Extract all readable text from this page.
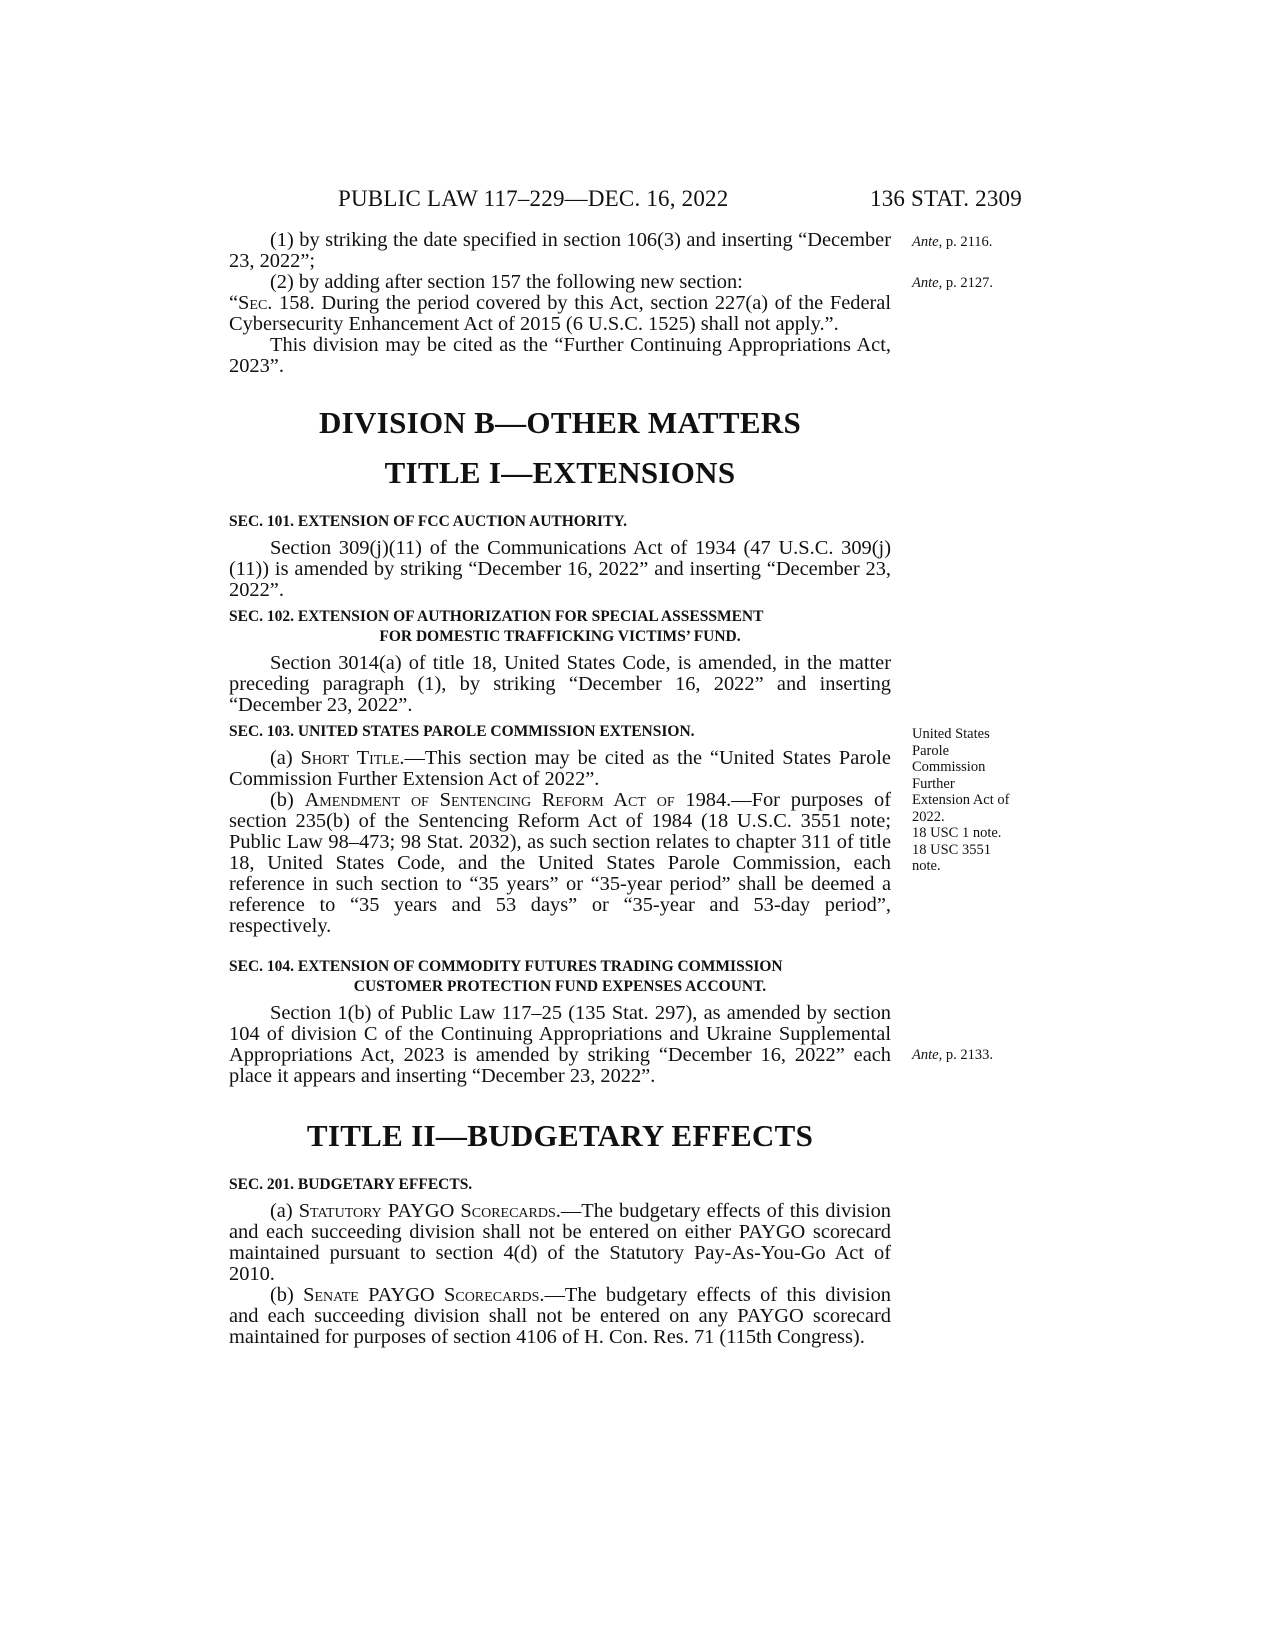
PUBLIC LAW 117–229—DEC. 16, 2022	136 STAT. 2309

(1) by striking the date specified in section 106(3) and inserting “December 23, 2022”;

(2) by adding after section 157 the following new section:

“Sec. 158. During the period covered by this Act, section 227(a) of the Federal Cybersecurity Enhancement Act of 2015 (6 U.S.C. 1525) shall not apply.”.

This division may be cited as the “Further Continuing Appropriations Act, 2023”.

DIVISION B—OTHER MATTERS
TITLE I—EXTENSIONS

SEC. 101. EXTENSION OF FCC AUCTION AUTHORITY.

Section 309(j)(11) of the Communications Act of 1934 (47 U.S.C. 309(j)(11)) is amended by striking “December 16, 2022” and inserting “December 23, 2022”.

SEC. 102. EXTENSION OF AUTHORIZATION FOR SPECIAL ASSESSMENT
FOR DOMESTIC TRAFFICKING VICTIMS’ FUND.

Section 3014(a) of title 18, United States Code, is amended, in the matter preceding paragraph (1), by striking “December 16, 2022” and inserting “December 23, 2022”.

SEC. 103. UNITED STATES PAROLE COMMISSION EXTENSION.

(a) Short Title.—This section may be cited as the “United States Parole Commission Further Extension Act of 2022”.

(b) Amendment of Sentencing Reform Act of 1984.—For purposes of section 235(b) of the Sentencing Reform Act of 1984 (18 U.S.C. 3551 note; Public Law 98–473; 98 Stat. 2032), as such section relates to chapter 311 of title 18, United States Code, and the United States Parole Commission, each reference in such section to “35 years” or “35-year period” shall be deemed a reference to “35 years and 53 days” or “35-year and 53-day period”, respectively.

SEC. 104. EXTENSION OF COMMODITY FUTURES TRADING COMMISSION
CUSTOMER PROTECTION FUND EXPENSES ACCOUNT.

Section 1(b) of Public Law 117–25 (135 Stat. 297), as amended by section 104 of division C of the Continuing Appropriations and Ukraine Supplemental Appropriations Act, 2023 is amended by striking “December 16, 2022” each place it appears and inserting “December 23, 2022”.

TITLE II—BUDGETARY EFFECTS

SEC. 201. BUDGETARY EFFECTS.

(a) Statutory PAYGO Scorecards.—The budgetary effects of this division and each succeeding division shall not be entered on either PAYGO scorecard maintained pursuant to section 4(d) of the Statutory Pay-As-You-Go Act of 2010.

(b) Senate PAYGO Scorecards.—The budgetary effects of this division and each succeeding division shall not be entered on any PAYGO scorecard maintained for purposes of section 4106 of H. Con. Res. 71 (115th Congress).

Ante, p. 2116.
Ante, p. 2127.
United States
Parole
Commission
Further
Extension Act of
2022.
18 USC 1 note.
18 USC 3551
note.
Ante, p. 2133.
